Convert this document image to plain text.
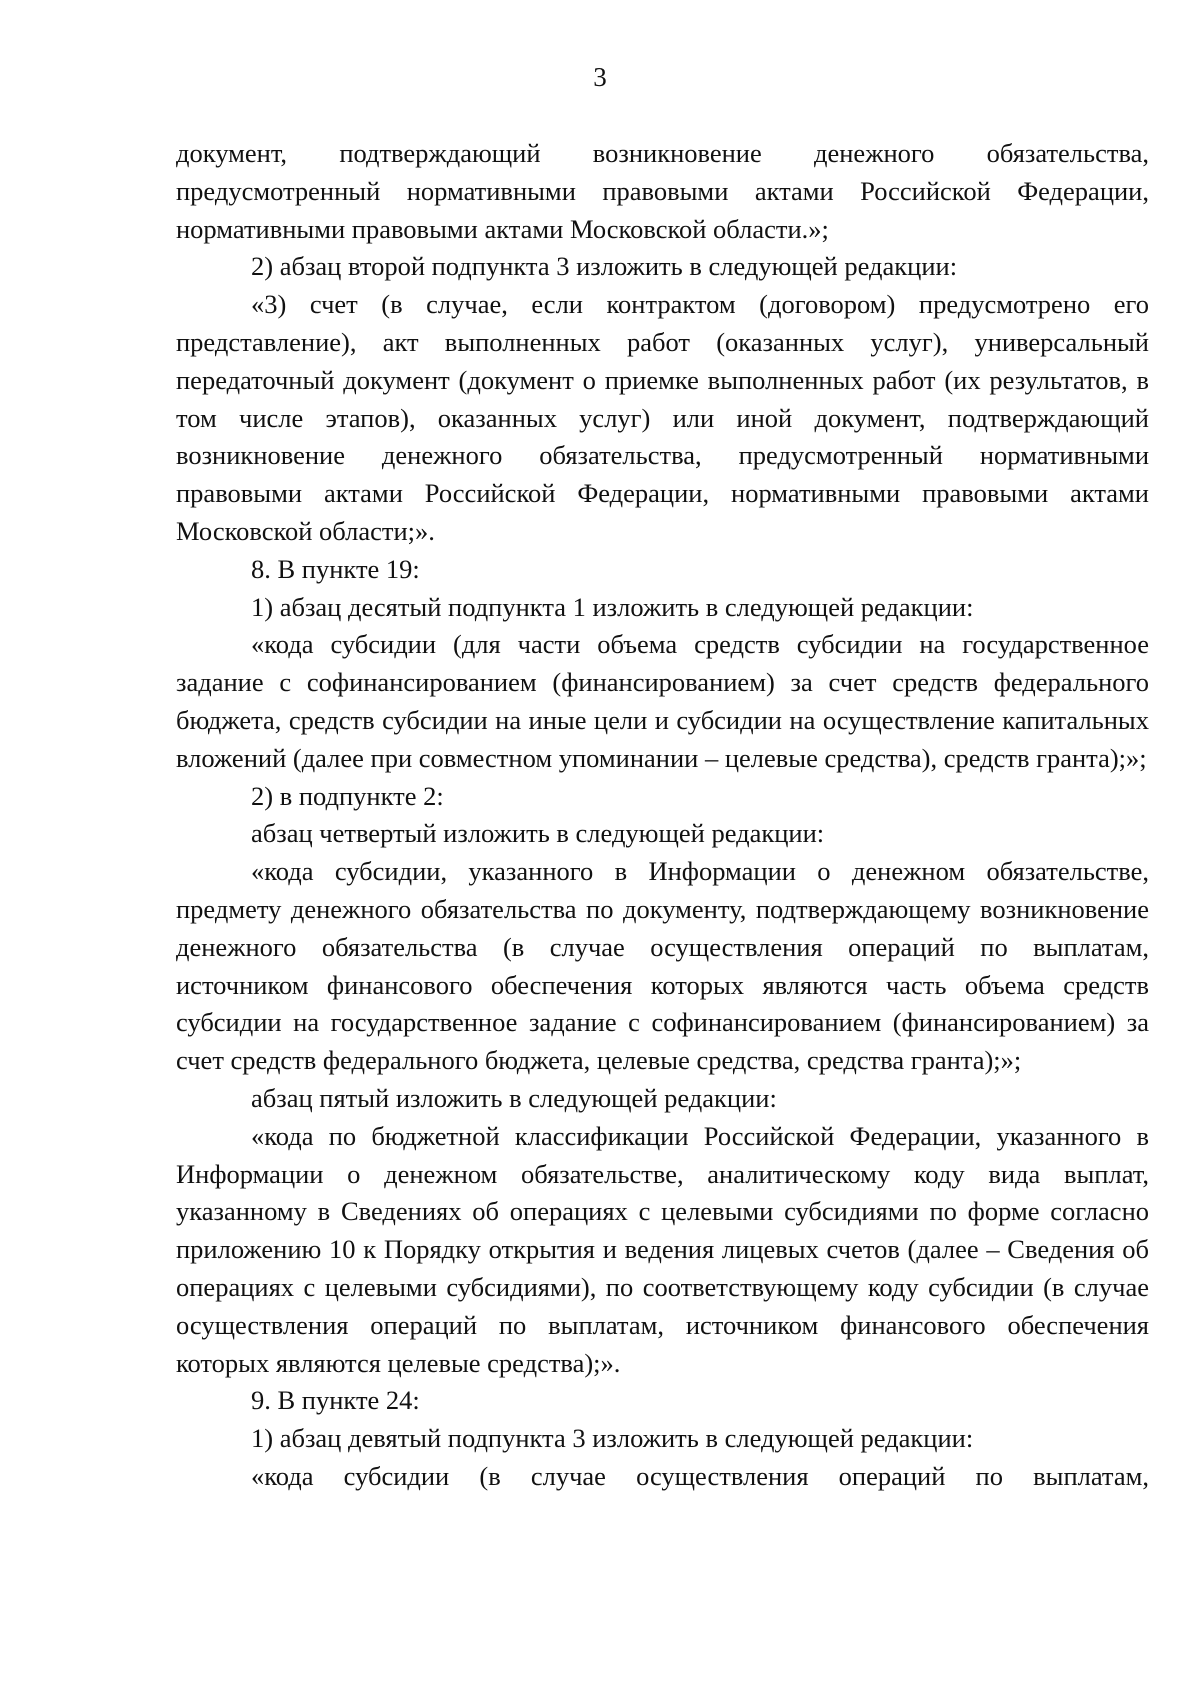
3

документ, подтверждающий возникновение денежного обязательства, предусмотренный нормативными правовыми актами Российской Федерации, нормативными правовыми актами Московской области.»;

2) абзац второй подпункта 3 изложить в следующей редакции:

«3) счет (в случае, если контрактом (договором) предусмотрено его представление), акт выполненных работ (оказанных услуг), универсальный передаточный документ (документ о приемке выполненных работ (их результатов, в том числе этапов), оказанных услуг) или иной документ, подтверждающий возникновение денежного обязательства, предусмотренный нормативными правовыми актами Российской Федерации, нормативными правовыми актами Московской области;».

8. В пункте 19:

1) абзац десятый подпункта 1 изложить в следующей редакции:

«кода субсидии (для части объема средств субсидии на государственное задание с софинансированием (финансированием) за счет средств федерального бюджета, средств субсидии на иные цели и субсидии на осуществление капитальных вложений (далее при совместном упоминании – целевые средства), средств гранта);»;

2) в подпункте 2:

абзац четвертый изложить в следующей редакции:

«кода субсидии, указанного в Информации о денежном обязательстве, предмету денежного обязательства по документу, подтверждающему возникновение денежного обязательства (в случае осуществления операций по выплатам, источником финансового обеспечения которых являются часть объема средств субсидии на государственное задание с софинансированием (финансированием) за счет средств федерального бюджета, целевые средства, средства гранта);»;

абзац пятый изложить в следующей редакции:

«кода по бюджетной классификации Российской Федерации, указанного в Информации о денежном обязательстве, аналитическому коду вида выплат, указанному в Сведениях об операциях с целевыми субсидиями по форме согласно приложению 10 к Порядку открытия и ведения лицевых счетов (далее – Сведения об операциях с целевыми субсидиями), по соответствующему коду субсидии (в случае осуществления операций по выплатам, источником финансового обеспечения которых являются целевые средства);».

9. В пункте 24:

1) абзац девятый подпункта 3 изложить в следующей редакции:

«кода субсидии (в случае осуществления операций по выплатам,
